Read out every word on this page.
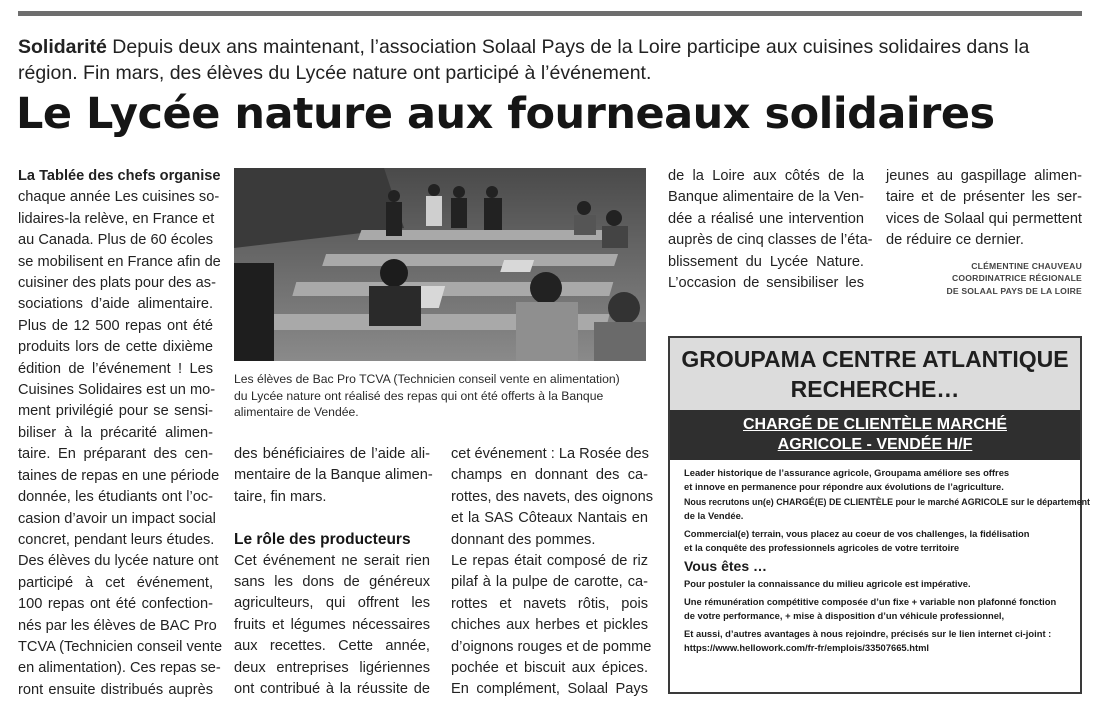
Solidarité Depuis deux ans maintenant, l’association Solaal Pays de la Loire participe aux cuisines solidaires dans la
région. Fin mars, des élèves du Lycée nature ont participé à l’événement.
Le Lycée nature aux fourneaux solidaires
La Tablée des chefs organise
chaque année Les cuisines so-
lidaires-la relève, en France et
au Canada. Plus de 60 écoles
se mobilisent en France afin de
cuisiner des plats pour des as-
sociations d’aide alimentaire.
Plus de 12 500 repas ont été
produits lors de cette dixième
édition de l’événement ! Les
Cuisines Solidaires est un mo-
ment privilégié pour se sensi-
biliser à la précarité alimen-
taire. En préparant des cen-
taines de repas en une période
donnée, les étudiants ont l’oc-
casion d’avoir un impact social
concret, pendant leurs études.
Des élèves du lycée nature ont
participé à cet événement,
100 repas ont été confection-
nés par les élèves de BAC Pro
TCVA (Technicien conseil vente
en alimentation). Ces repas se-
ront ensuite distribués auprès
Les élèves de Bac Pro TCVA (Technicien conseil vente en alimentation)
du Lycée nature ont réalisé des repas qui ont été offerts à la Banque
alimentaire de Vendée.
des bénéficiaires de l’aide ali-
mentaire de la Banque alimen-
taire, fin mars.

Le rôle des producteurs

Cet événement ne serait rien
sans les dons de généreux
agriculteurs, qui offrent les
fruits et légumes nécessaires
aux recettes. Cette année,
deux entreprises ligériennes
ont contribué à la réussite de
cet événement : La Rosée des
champs en donnant des ca-
rottes, des navets, des oignons
et la SAS Côteaux Nantais en
donnant des pommes.
Le repas était composé de riz
pilaf à la pulpe de carotte, ca-
rottes et navets rôtis, pois
chiches aux herbes et pickles
d’oignons rouges et de pomme
pochée et biscuit aux épices.
En complément, Solaal Pays
de la Loire aux côtés de la
Banque alimentaire de la Ven-
dée a réalisé une intervention
auprès de cinq classes de l’éta-
blissement du Lycée Nature.
L’occasion de sensibiliser les
jeunes au gaspillage alimen-
taire et de présenter les ser-
vices de Solaal qui permettent
de réduire ce dernier.

CLÉMENTINE CHAUVEAU
COORDINATRICE RÉGIONALE
DE SOLAAL PAYS DE LA LOIRE

GROUPAMA CENTRE ATLANTIQUE
RECHERCHE…
CHARGÉ DE CLIENTÈLE MARCHÉ
AGRICOLE - VENDÉE H/F

Leader historique de l’assurance agricole, Groupama améliore ses offres
et innove en permanence pour répondre aux évolutions de l’agriculture.
Nous recrutons un(e) CHARGÉ(E) DE CLIENTÈLE pour le marché AGRICOLE sur le département
de la Vendée.

Commercial(e) terrain, vous placez au coeur de vos challenges, la fidélisation
et la conquête des professionnels agricoles de votre territoire

Vous êtes …

Pour postuler la connaissance du milieu agricole est impérative.

Une rémunération compétitive composée d’un fixe + variable non plafonné fonction
de votre performance, + mise à disposition d’un véhicule professionnel,

Et aussi, d’autres avantages à nous rejoindre, précisés sur le lien internet ci-joint :
https://www.hellowork.com/fr-fr/emplois/33507665.html
